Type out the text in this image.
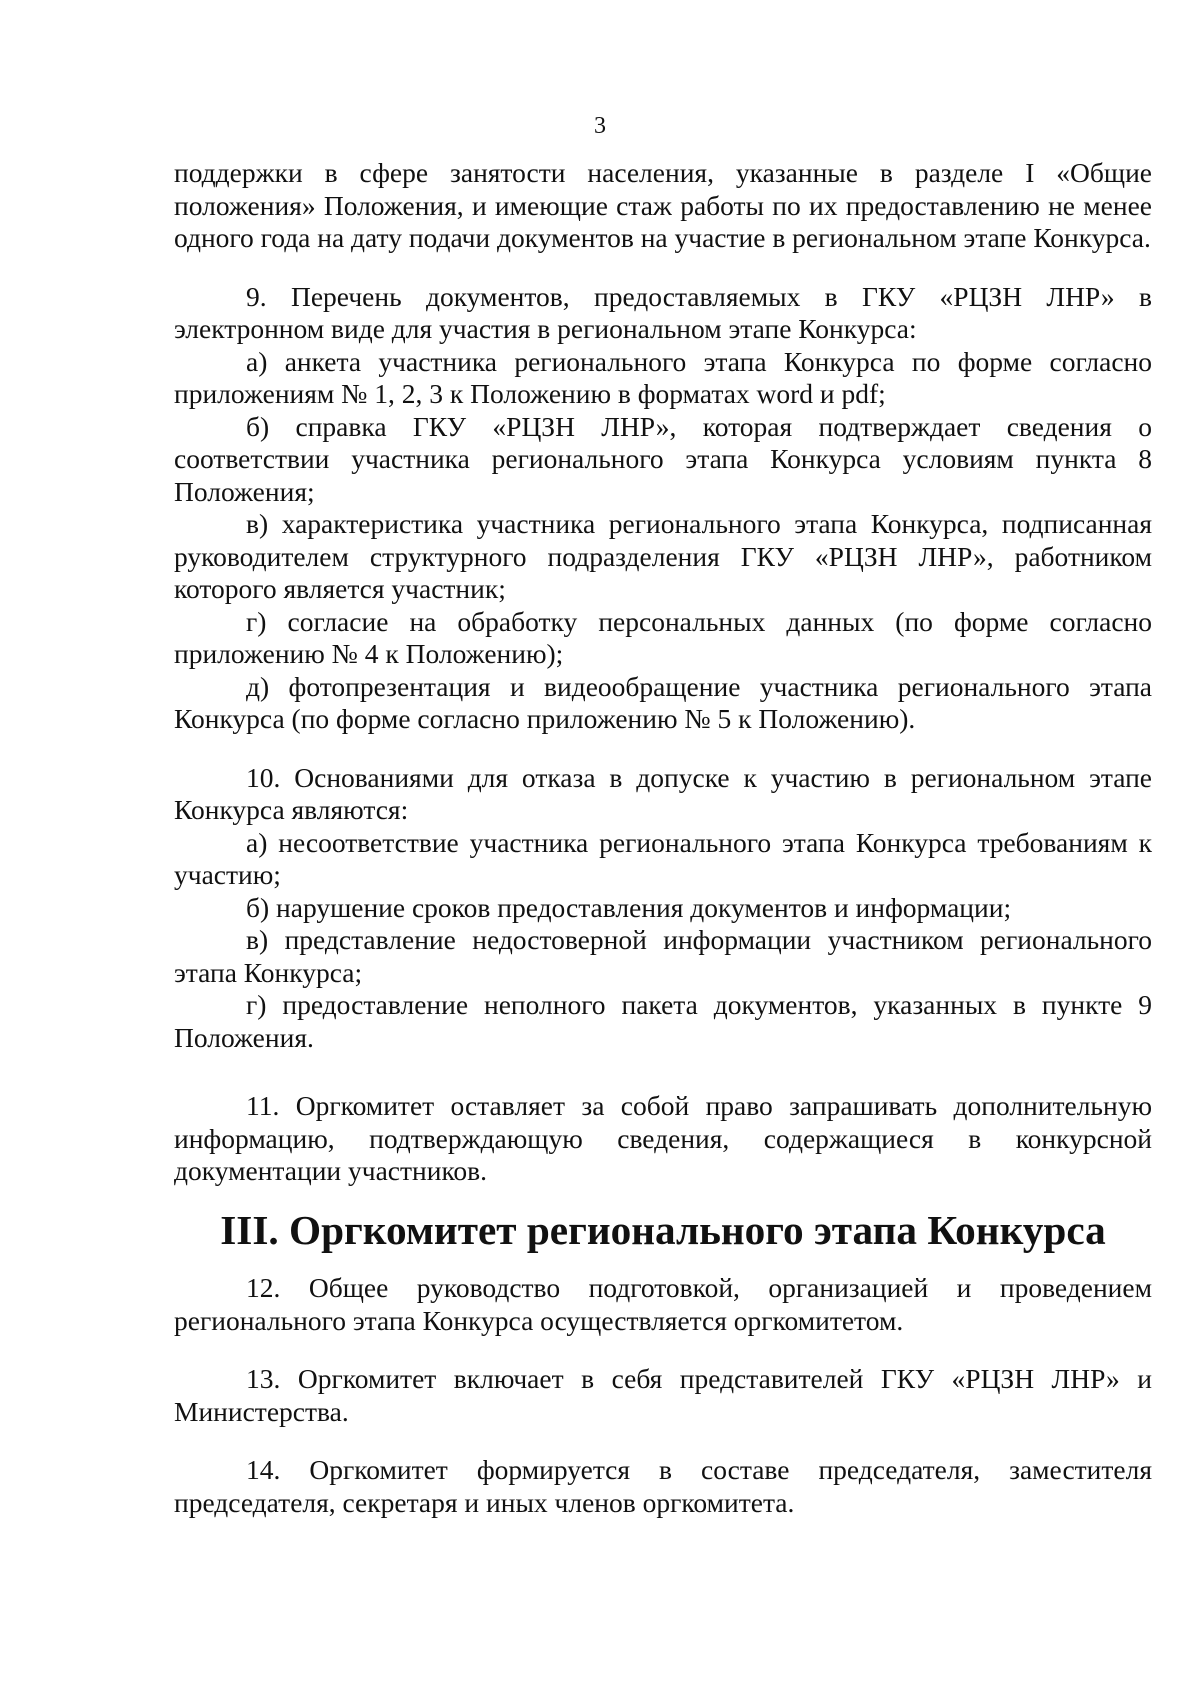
3

поддержки в сфере занятости населения, указанные в разделе I «Общие положения» Положения, и имеющие стаж работы по их предоставлению не менее одного года на дату подачи документов на участие в региональном этапе Конкурса.

9. Перечень документов, предоставляемых в ГКУ «РЦЗН ЛНР» в электронном виде для участия в региональном этапе Конкурса:

а) анкета участника регионального этапа Конкурса по форме согласно приложениям № 1, 2, 3 к Положению в форматах word и pdf;

б) справка ГКУ «РЦЗН ЛНР», которая подтверждает сведения о соответствии участника регионального этапа Конкурса условиям пункта 8 Положения;

в) характеристика участника регионального этапа Конкурса, подписанная руководителем структурного подразделения ГКУ «РЦЗН ЛНР», работником которого является участник;

г) согласие на обработку персональных данных (по форме согласно приложению № 4 к Положению);

д) фотопрезентация и видеообращение участника регионального этапа Конкурса (по форме согласно приложению № 5 к Положению).

10. Основаниями для отказа в допуске к участию в региональном этапе Конкурса являются:

а) несоответствие участника регионального этапа Конкурса требованиям к участию;

б) нарушение сроков предоставления документов и информации;

в) представление недостоверной информации участником регионального этапа Конкурса;

г) предоставление неполного пакета документов, указанных в пункте 9 Положения.

11. Оргкомитет оставляет за собой право запрашивать дополнительную информацию, подтверждающую сведения, содержащиеся в конкурсной документации участников.

III. Оргкомитет регионального этапа Конкурса

12. Общее руководство подготовкой, организацией и проведением регионального этапа Конкурса осуществляется оргкомитетом.

13. Оргкомитет включает в себя представителей ГКУ «РЦЗН ЛНР» и Министерства.

14. Оргкомитет формируется в составе председателя, заместителя председателя, секретаря и иных членов оргкомитета.
